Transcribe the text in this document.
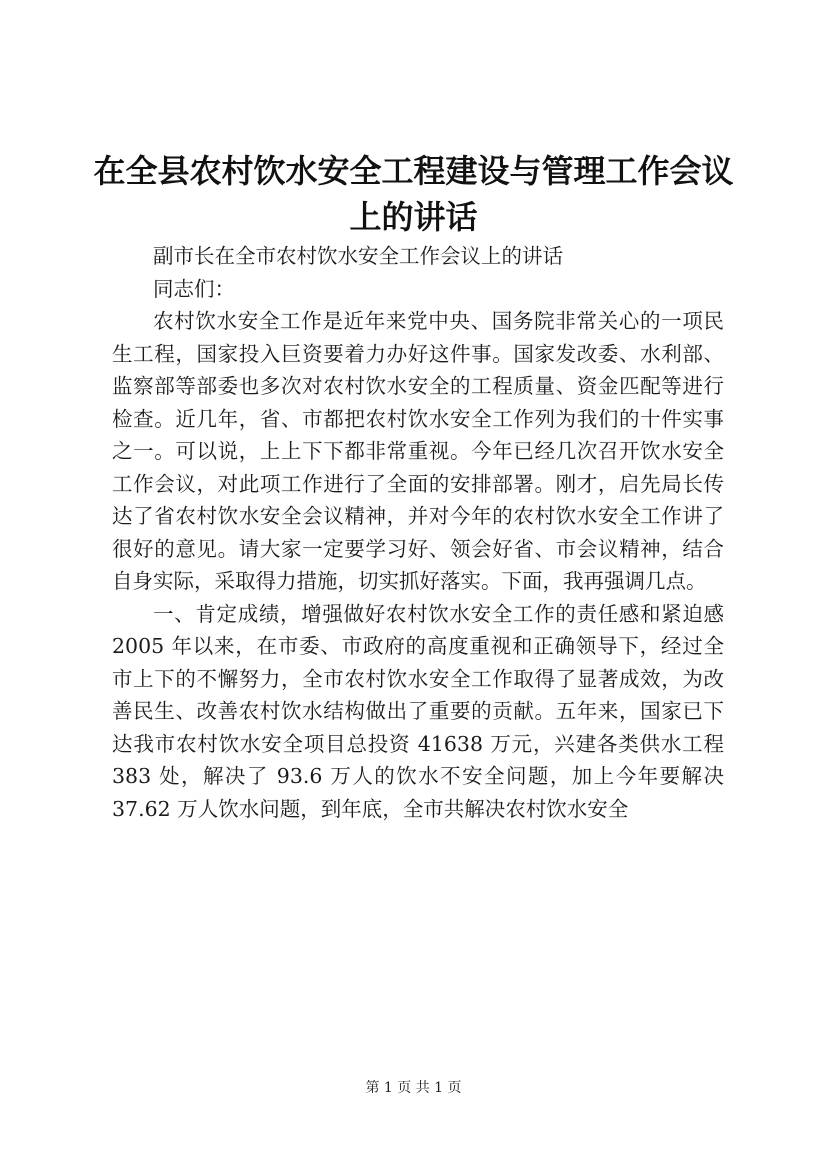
在全县农村饮水安全工程建设与管理工作会议上的讲话

副市长在全市农村饮水安全工作会议上的讲话

同志们：

农村饮水安全工作是近年来党中央、国务院非常关心的一项民生工程，国家投入巨资要着力办好这件事。国家发改委、水利部、监察部等部委也多次对农村饮水安全的工程质量、资金匹配等进行检查。近几年，省、市都把农村饮水安全工作列为我们的十件实事之一。可以说，上上下下都非常重视。今年已经几次召开饮水安全工作会议，对此项工作进行了全面的安排部署。刚才，启先局长传达了省农村饮水安全会议精神，并对今年的农村饮水安全工作讲了很好的意见。请大家一定要学习好、领会好省、市会议精神，结合自身实际，采取得力措施，切实抓好落实。下面，我再强调几点。

一、肯定成绩，增强做好农村饮水安全工作的责任感和紧迫感 2005 年以来，在市委、市政府的高度重视和正确领导下，经过全市上下的不懈努力，全市农村饮水安全工作取得了显著成效，为改善民生、改善农村饮水结构做出了重要的贡献。五年来，国家已下达我市农村饮水安全项目总投资 41638 万元，兴建各类供水工程 383 处，解决了 93.6 万人的饮水不安全问题，加上今年要解决 37.62 万人饮水问题，到年底，全市共解决农村饮水安全

第 1 页 共 1 页
